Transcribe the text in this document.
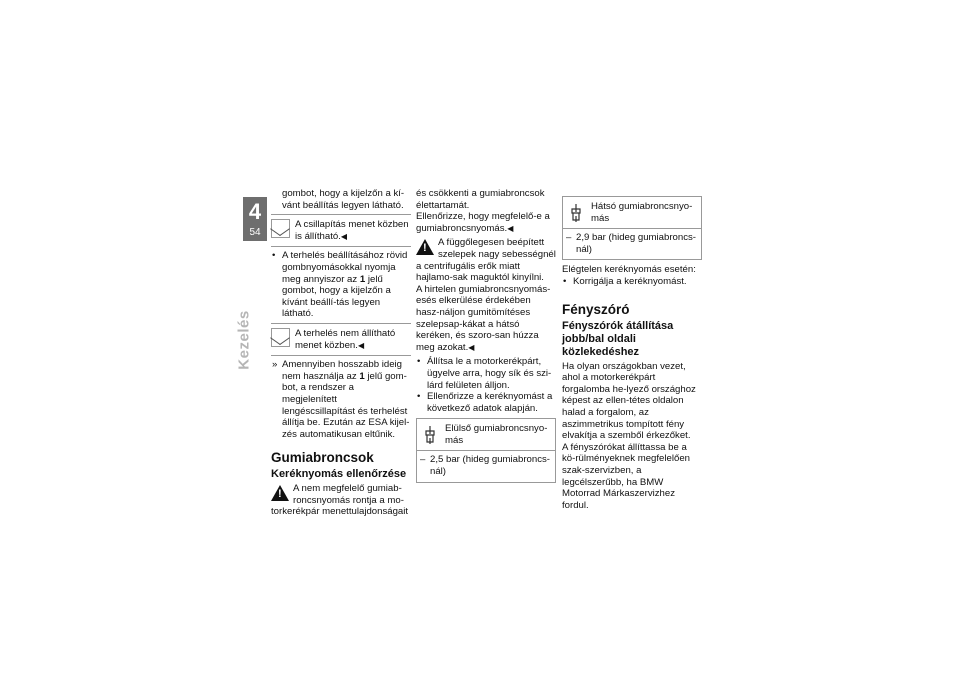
4
54
Kezelés

gombot, hogy a kijelzőn a kí-vánt beállítás legyen látható.

A csillapítás menet közben is állítható.◀

• A terhelés beállításához rövid gombnyomásokkal nyomja meg annyiszor az 1 jelű gombot, hogy a kijelzőn a kívánt beállí-tás legyen látható.

A terhelés nem állítható menet közben.◀

» Amennyiben hosszabb ideig nem használja az 1 jelű gom-bot, a rendszer a megjelenített lengéscsillapítást és terhelést állítja be. Ezután az ESA kijel-zés automatikusan eltűnik.

Gumiabroncsok
Keréknyomás ellenőrzése
!	A nem megfelelő gumiab-roncsnyomás rontja a mo-torkerékpár menettulajdonságait

és csökkenti a gumiabroncsok élettartamát.

Ellenőrizze, hogy megfelelő-e a gumiabroncsnyomás.◀

!	A függőlegesen beépített szelepek nagy sebességnél a centrifugális erők miatt hajlamo-sak maguktól kinyílni.

A hirtelen gumiabroncsnyomás-esés elkerülése érdekében hasz-náljon gumitömítéses szelepsap-kákat a hátsó keréken, és szoro-san húzza meg azokat.◀

• Állítsa le a motorkerékpárt, ügyelve arra, hogy sík és szi-lárd felületen álljon.

• Ellenőrizze a keréknyomást a következő adatok alapján.

Elülső gumiabroncsnyo-más

– 2,5 bar (hideg gumiabroncs-nál)

Hátsó gumiabroncsnyo-más

– 2,9 bar (hideg gumiabroncs-nál)

Elégtelen keréknyomás esetén:

• Korrigálja a keréknyomást.

Fényszóró
Fényszórók átállítása jobb/bal oldali közlekedéshez

Ha olyan országokban vezet, ahol a motorkerékpárt forgalomba he-lyező országhoz képest az ellen-tétes oldalon halad a forgalom, az aszimmetrikus tompított fény elvakítja a szemből érkezőket.

A fényszórókat állíttassa be a kö-rülményeknek megfelelően szak-szervizben, a legcélszerűbb, ha BMW Motorrad Márkaszervizhez fordul.
